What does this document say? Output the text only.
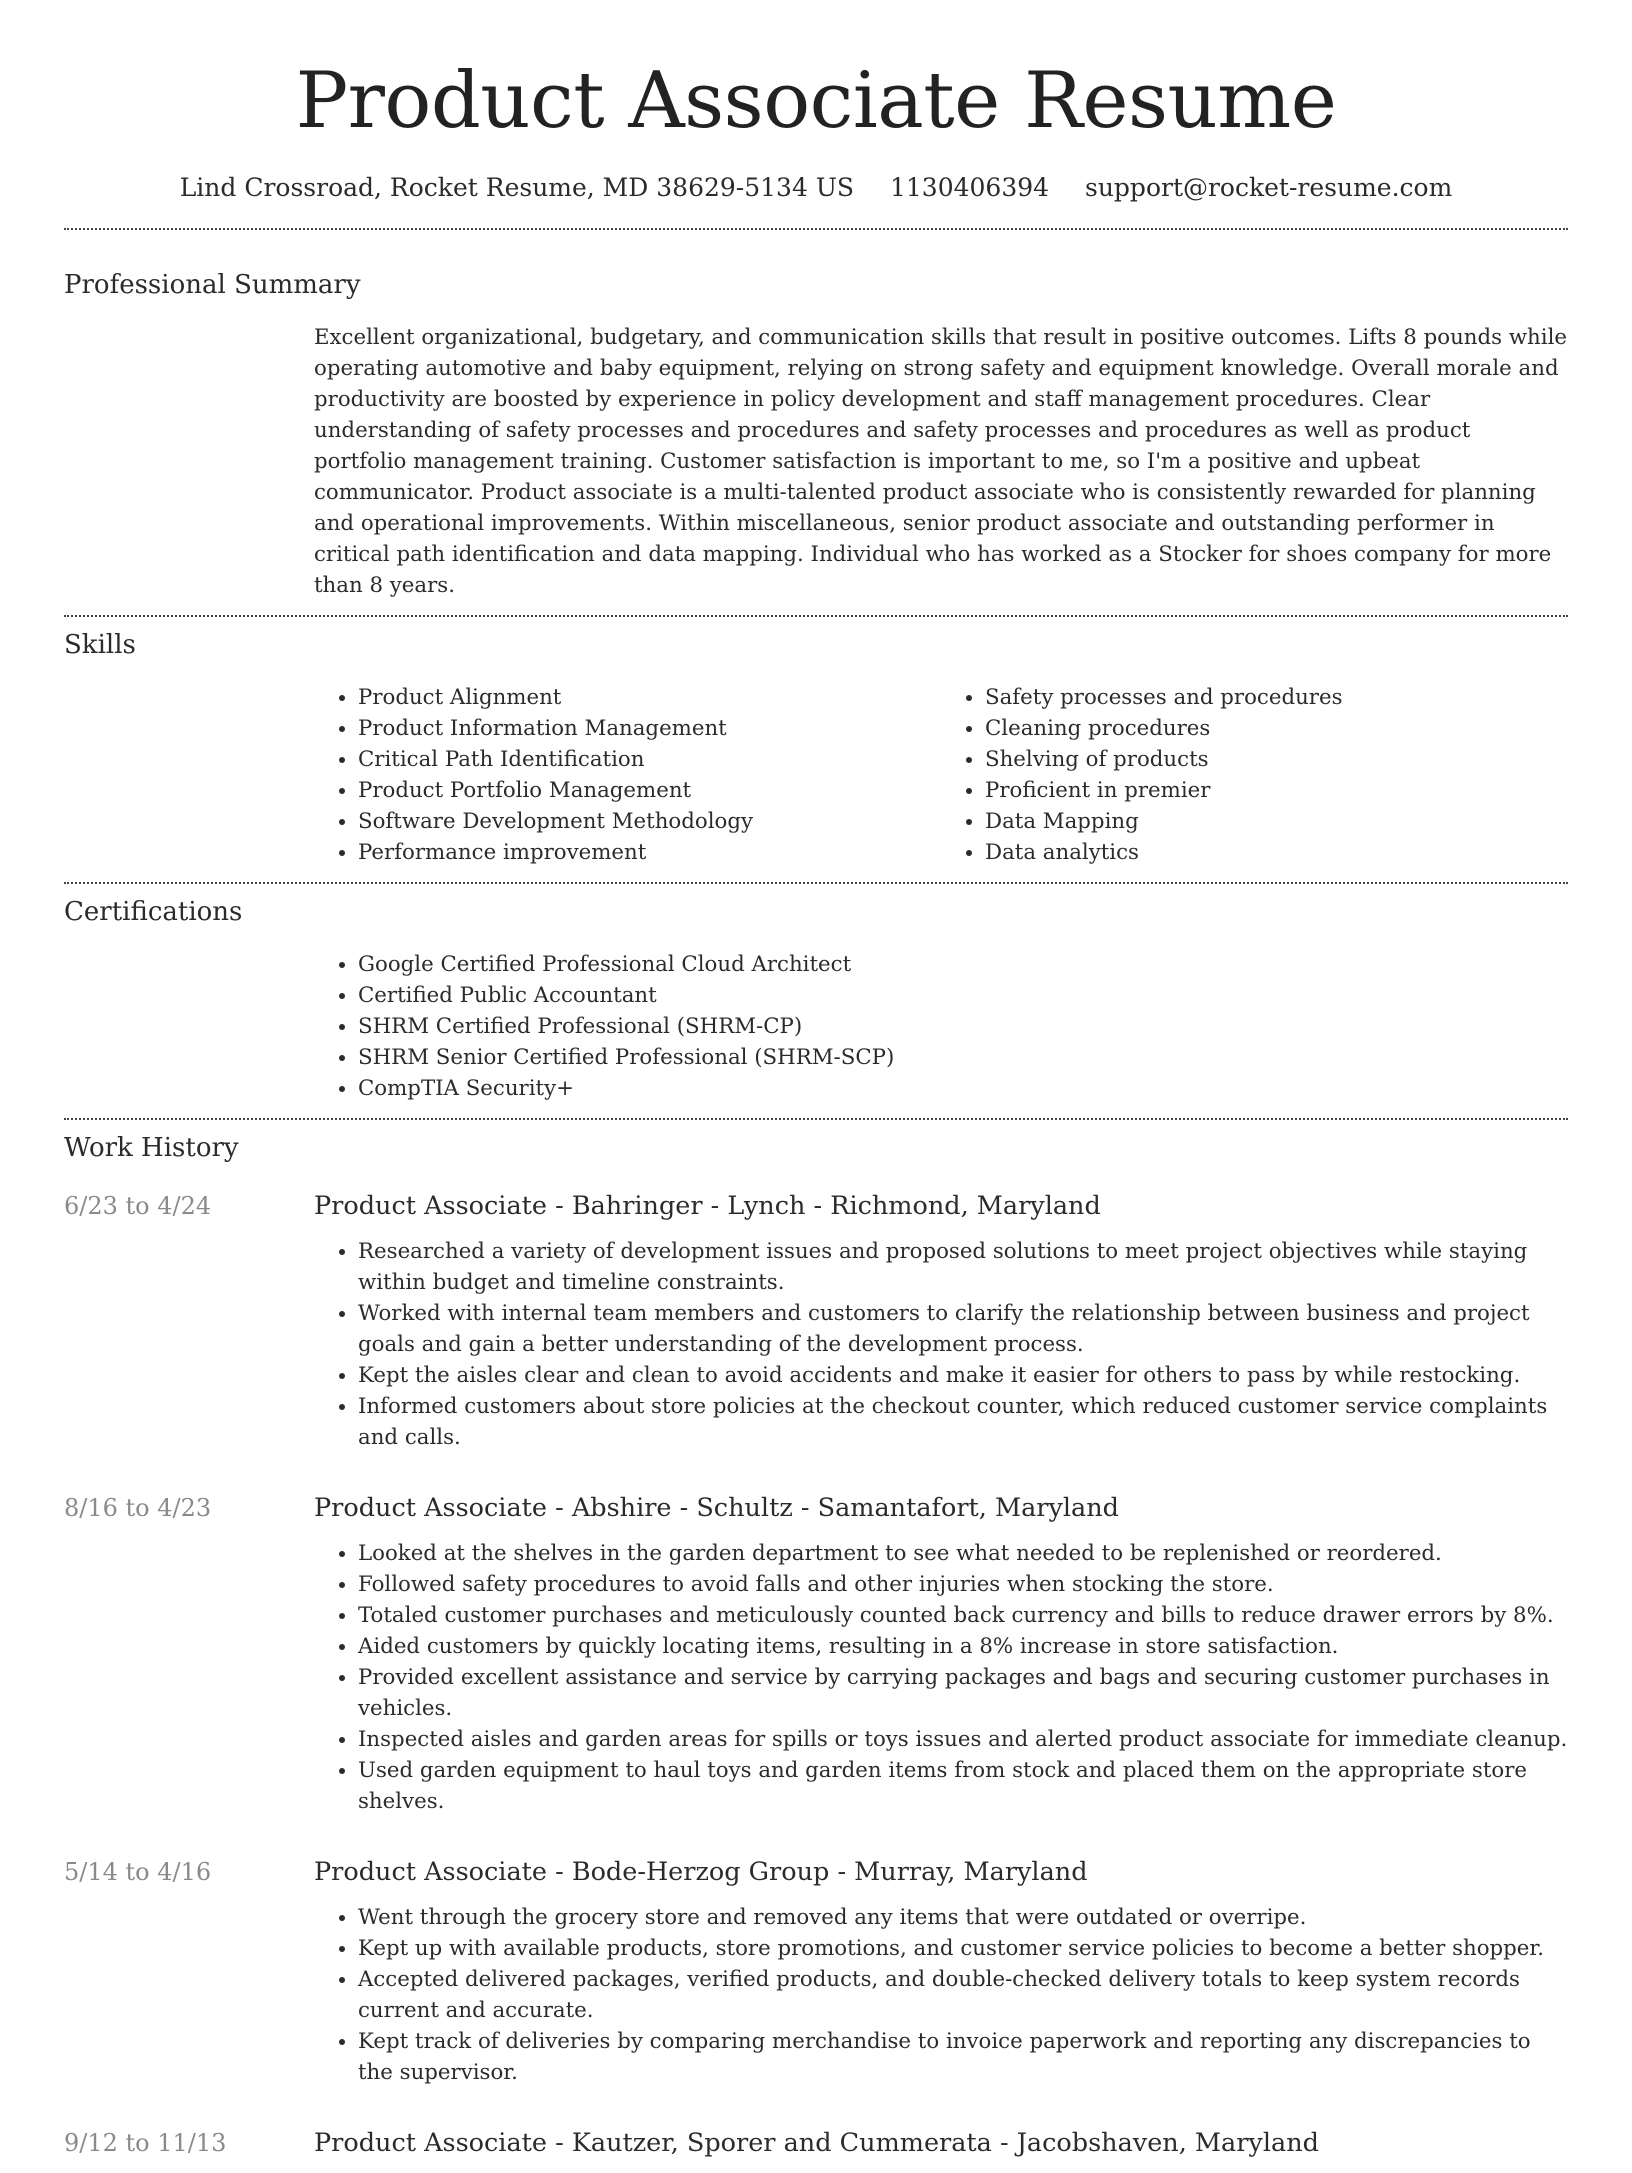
Product Associate Resume
Lind Crossroad, Rocket Resume, MD 38629-5134 US 1130406394 support@rocket-resume.com
Professional Summary

Excellent organizational, budgetary, and communication skills that result in positive outcomes. Lifts 8 pounds while operating automotive and baby equipment, relying on strong safety and equipment knowledge. Overall morale and productivity are boosted by experience in policy development and staff management procedures. Clear understanding of safety processes and procedures and safety processes and procedures as well as product portfolio management training. Customer satisfaction is important to me, so I'm a positive and upbeat communicator. Product associate is a multi-talented product associate who is consistently rewarded for planning and operational improvements. Within miscellaneous, senior product associate and outstanding performer in critical path identification and data mapping. Individual who has worked as a Stocker for shoes company for more than 8 years.

Skills
• Product Alignment
• Product Information Management
• Critical Path Identification
• Product Portfolio Management
• Software Development Methodology
• Performance improvement
• Safety processes and procedures
• Cleaning procedures
• Shelving of products
• Proficient in premier
• Data Mapping
• Data analytics
Certifications
• Google Certified Professional Cloud Architect
• Certified Public Accountant
• SHRM Certified Professional (SHRM-CP)
• SHRM Senior Certified Professional (SHRM-SCP)
• CompTIA Security+
Work History
6/23 to 4/24	Product Associate - Bahringer - Lynch - Richmond, Maryland
• Researched a variety of development issues and proposed solutions to meet project objectives while staying within budget and timeline constraints.
• Worked with internal team members and customers to clarify the relationship between business and project goals and gain a better understanding of the development process.
• Kept the aisles clear and clean to avoid accidents and make it easier for others to pass by while restocking.
• Informed customers about store policies at the checkout counter, which reduced customer service complaints and calls.
8/16 to 4/23	Product Associate - Abshire - Schultz - Samantafort, Maryland
• Looked at the shelves in the garden department to see what needed to be replenished or reordered.
• Followed safety procedures to avoid falls and other injuries when stocking the store.
• Totaled customer purchases and meticulously counted back currency and bills to reduce drawer errors by 8%.
• Aided customers by quickly locating items, resulting in a 8% increase in store satisfaction.
• Provided excellent assistance and service by carrying packages and bags and securing customer purchases in vehicles.
• Inspected aisles and garden areas for spills or toys issues and alerted product associate for immediate cleanup.
• Used garden equipment to haul toys and garden items from stock and placed them on the appropriate store shelves.
5/14 to 4/16	Product Associate - Bode-Herzog Group - Murray, Maryland
• Went through the grocery store and removed any items that were outdated or overripe.
• Kept up with available products, store promotions, and customer service policies to become a better shopper.
• Accepted delivered packages, verified products, and double-checked delivery totals to keep system records current and accurate.
• Kept track of deliveries by comparing merchandise to invoice paperwork and reporting any discrepancies to the supervisor.
9/12 to 11/13	Product Associate - Kautzer, Sporer and Cummerata - Jacobshaven, Maryland
